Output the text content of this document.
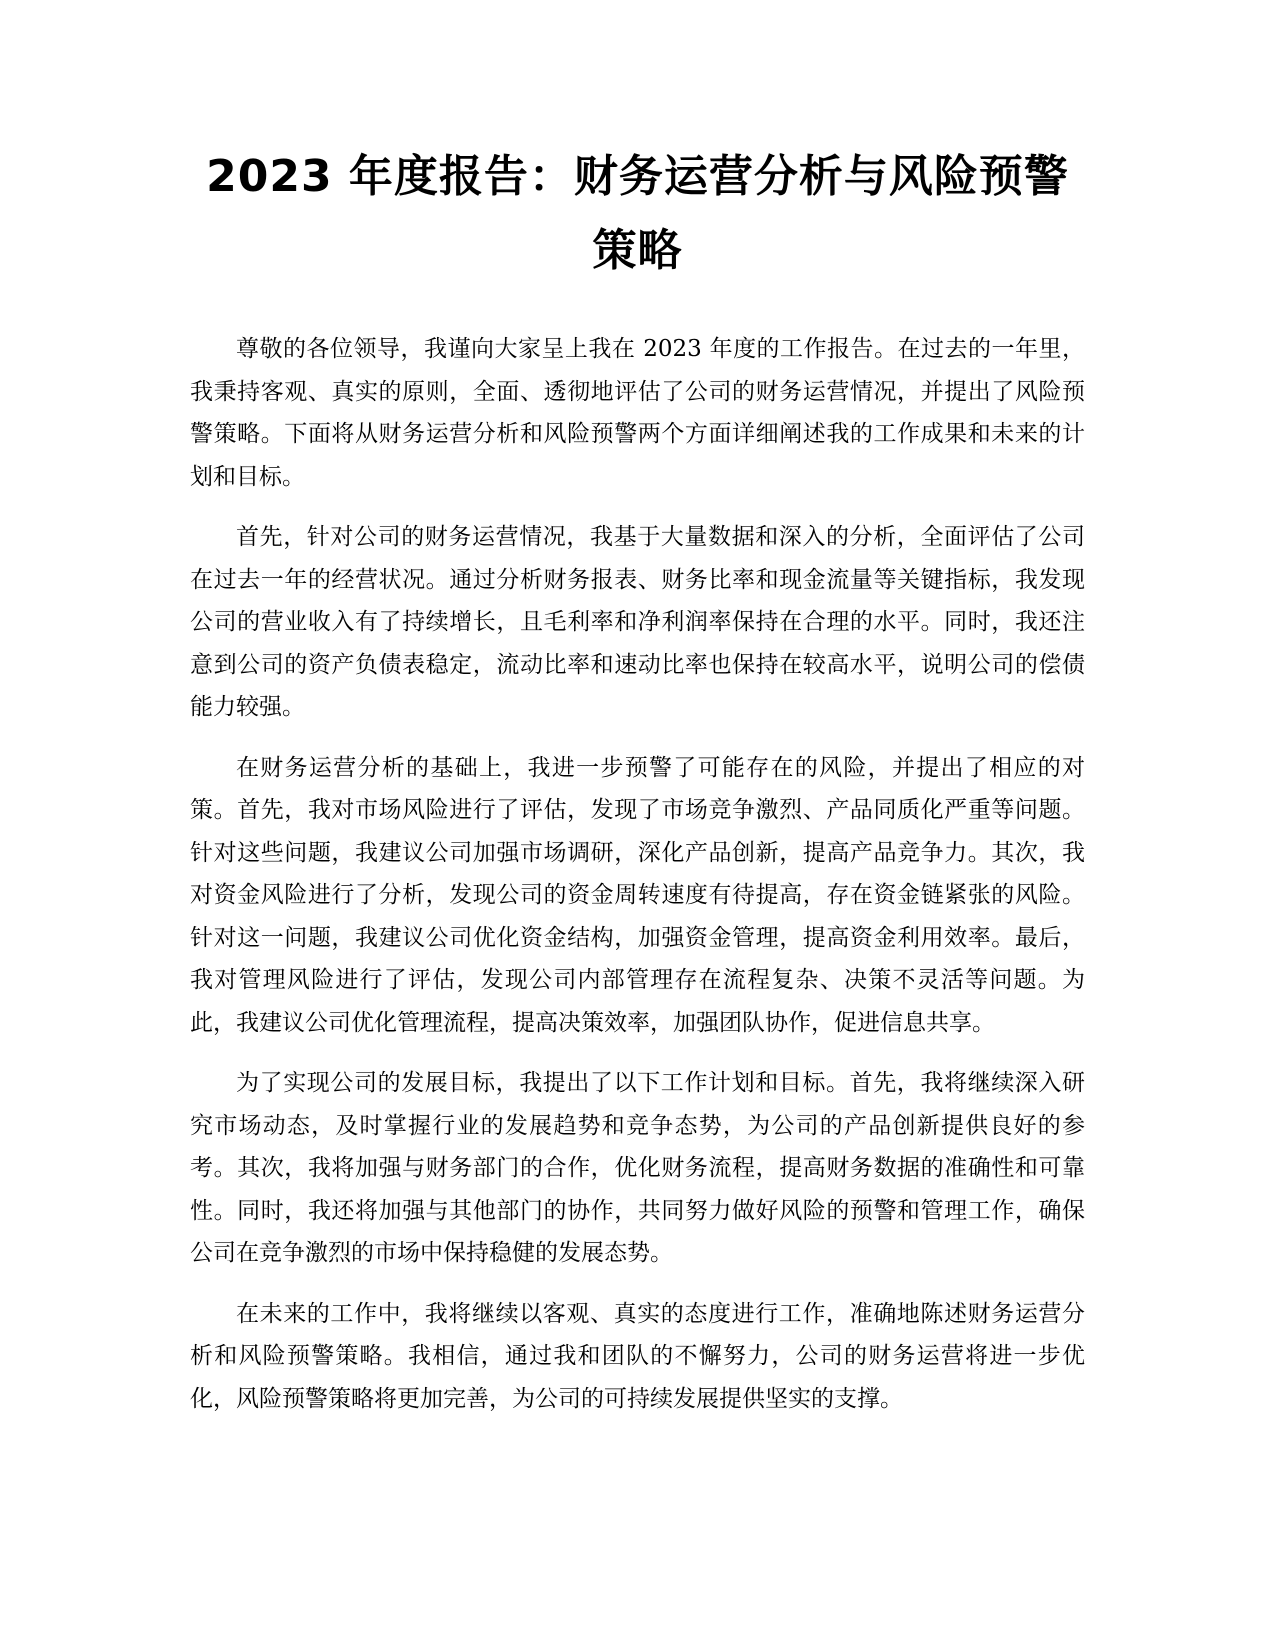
2023 年度报告：财务运营分析与风险预警策略

尊敬的各位领导，我谨向大家呈上我在 2023 年度的工作报告。在过去的一年里，我秉持客观、真实的原则，全面、透彻地评估了公司的财务运营情况，并提出了风险预警策略。下面将从财务运营分析和风险预警两个方面详细阐述我的工作成果和未来的计划和目标。

首先，针对公司的财务运营情况，我基于大量数据和深入的分析，全面评估了公司在过去一年的经营状况。通过分析财务报表、财务比率和现金流量等关键指标，我发现公司的营业收入有了持续增长，且毛利率和净利润率保持在合理的水平。同时，我还注意到公司的资产负债表稳定，流动比率和速动比率也保持在较高水平，说明公司的偿债能力较强。

在财务运营分析的基础上，我进一步预警了可能存在的风险，并提出了相应的对策。首先，我对市场风险进行了评估，发现了市场竞争激烈、产品同质化严重等问题。针对这些问题，我建议公司加强市场调研，深化产品创新，提高产品竞争力。其次，我对资金风险进行了分析，发现公司的资金周转速度有待提高，存在资金链紧张的风险。针对这一问题，我建议公司优化资金结构，加强资金管理，提高资金利用效率。最后，我对管理风险进行了评估，发现公司内部管理存在流程复杂、决策不灵活等问题。为此，我建议公司优化管理流程，提高决策效率，加强团队协作，促进信息共享。

为了实现公司的发展目标，我提出了以下工作计划和目标。首先，我将继续深入研究市场动态，及时掌握行业的发展趋势和竞争态势，为公司的产品创新提供良好的参考。其次，我将加强与财务部门的合作，优化财务流程，提高财务数据的准确性和可靠性。同时，我还将加强与其他部门的协作，共同努力做好风险的预警和管理工作，确保公司在竞争激烈的市场中保持稳健的发展态势。

在未来的工作中，我将继续以客观、真实的态度进行工作，准确地陈述财务运营分析和风险预警策略。我相信，通过我和团队的不懈努力，公司的财务运营将进一步优化，风险预警策略将更加完善，为公司的可持续发展提供坚实的支撑。
